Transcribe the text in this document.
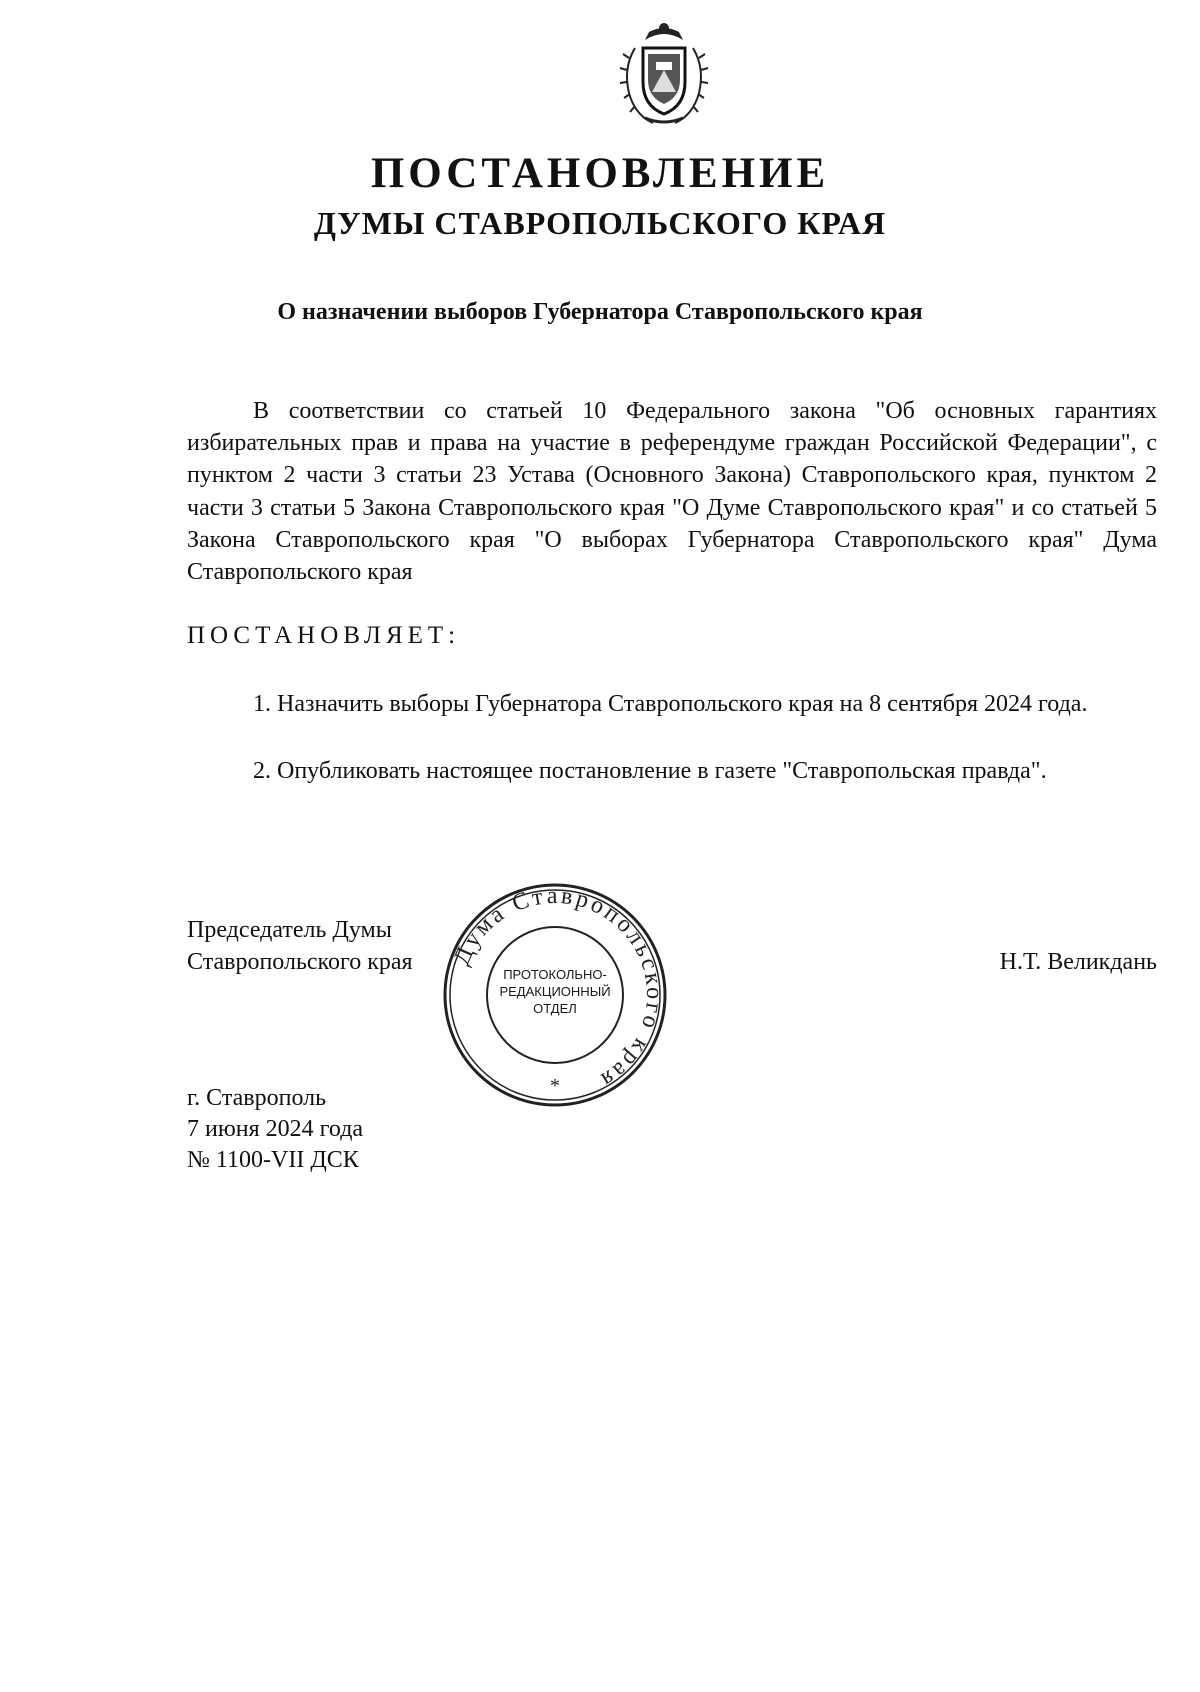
ПОСТАНОВЛЕНИЕ
ДУМЫ СТАВРОПОЛЬСКОГО КРАЯ
О назначении выборов Губернатора Ставропольского края
В соответствии со статьей 10 Федерального закона "Об основных гарантиях избирательных прав и права на участие в референдуме граждан Российской Федерации", с пунктом 2 части 3 статьи 23 Устава (Основного Закона) Ставропольского края, пунктом 2 части 3 статьи 5 Закона Ставропольского края "О Думе Ставропольского края" и со статьей 5 Закона Ставропольского края "О выборах Губернатора Ставропольского края" Дума Ставропольского края
ПОСТАНОВЛЯЕТ:
1. Назначить выборы Губернатора Ставропольского края на 8 сентября 2024 года.
2. Опубликовать настоящее постановление в газете "Ставропольская правда".
Председатель Думы
Ставропольского края	Н.Т. Великдань
Дума Ставропольского края
*
ПРОТОКОЛЬНО-
РЕДАКЦИОННЫЙ
ОТДЕЛ
г. Ставрополь
7 июня 2024 года
№ 1100-VII ДСК
